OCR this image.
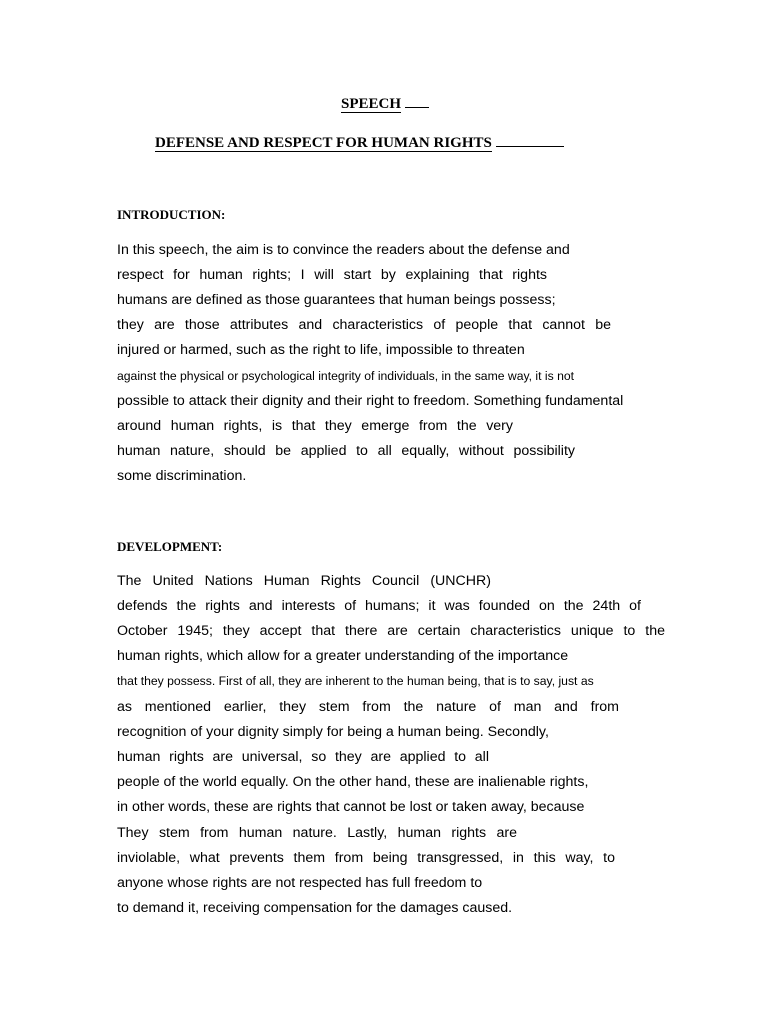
SPEECH
DEFENSE AND RESPECT FOR HUMAN RIGHTS
INTRODUCTION:
In this speech, the aim is to convince the readers about the defense and
respect for human rights; I will start by explaining that rights
humans are defined as those guarantees that human beings possess;
they are those attributes and characteristics of people that cannot be
injured or harmed, such as the right to life, impossible to threaten
against the physical or psychological integrity of individuals, in the same way, it is not
possible to attack their dignity and their right to freedom. Something fundamental
around human rights, is that they emerge from the very
human nature, should be applied to all equally, without possibility
some discrimination.
DEVELOPMENT:
The United Nations Human Rights Council (UNCHR)
defends the rights and interests of humans; it was founded on the 24th of
October 1945; they accept that there are certain characteristics unique to the
human rights, which allow for a greater understanding of the importance
that they possess. First of all, they are inherent to the human being, that is to say, just as
as mentioned earlier, they stem from the nature of man and from
recognition of your dignity simply for being a human being. Secondly,
human rights are universal, so they are applied to all
people of the world equally. On the other hand, these are inalienable rights,
in other words, these are rights that cannot be lost or taken away, because
They stem from human nature. Lastly, human rights are
inviolable, what prevents them from being transgressed, in this way, to
anyone whose rights are not respected has full freedom to
to demand it, receiving compensation for the damages caused.
